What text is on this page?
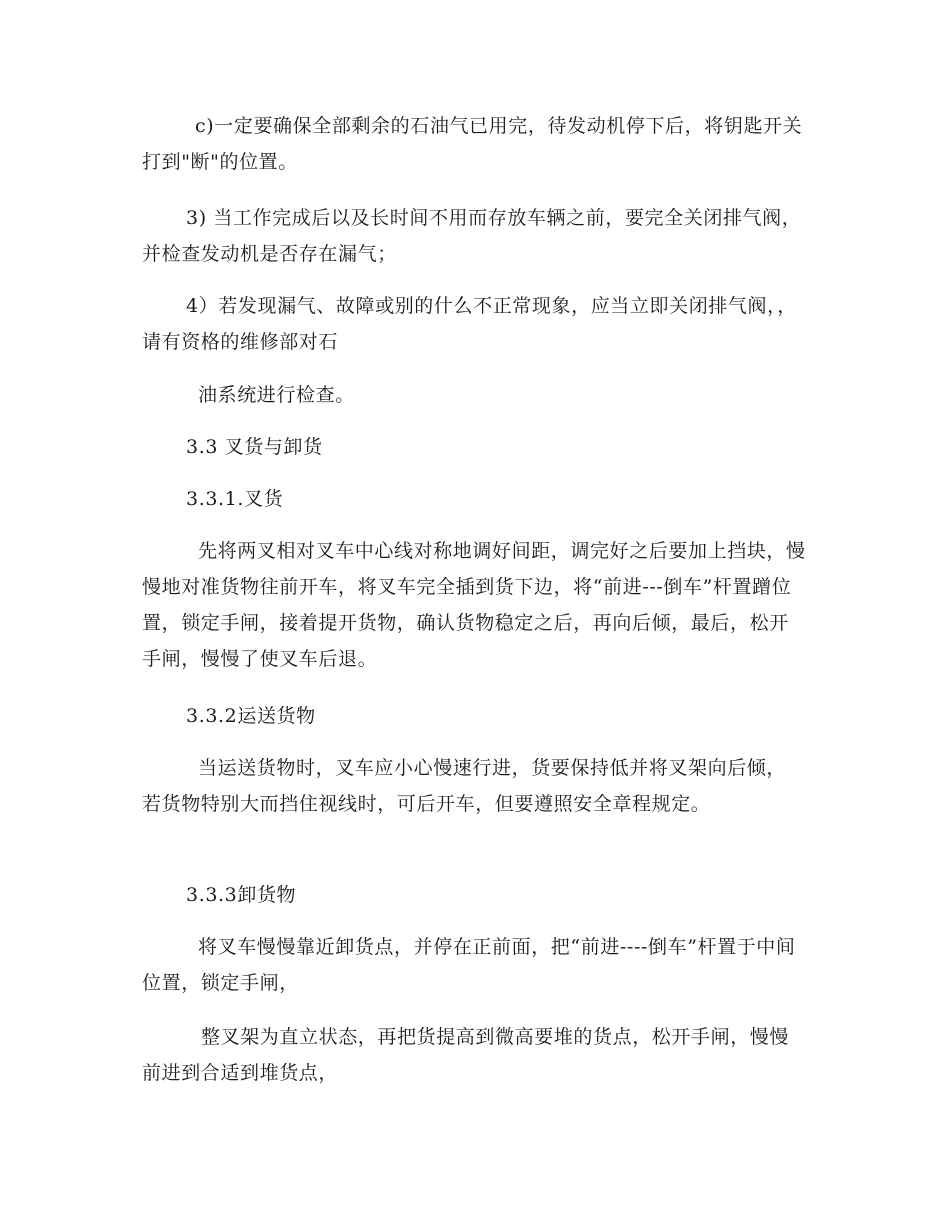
c)一定要确保全部剩余的石油气已用完，待发动机停下后，将钥匙开关打到"断"的位置。

3) 当工作完成后以及长时间不用而存放车辆之前，要完全关闭排气阀，并检查发动机是否存在漏气；

4）若发现漏气、故障或别的什么不正常现象，应当立即关闭排气阀，，请有资格的维修部对石

油系统进行检查。

3.3 叉货与卸货

3.3.1.叉货

先将两叉相对叉车中心线对称地调好间距，调完好之后要加上挡块，慢慢地对准货物往前开车，将叉车完全插到货下边，将“前进---倒车”杆置蹭位置，锁定手闸，接着提开货物，确认货物稳定之后，再向后倾，最后，松开手闸，慢慢了使叉车后退。

3.3.2运送货物

当运送货物时，叉车应小心慢速行进，货要保持低并将叉架向后倾， 若货物特别大而挡住视线时，可后开车，但要遵照安全章程规定。

3.3.3卸货物

将叉车慢慢靠近卸货点，并停在正前面，把“前进----倒车”杆置于中间位置，锁定手闸，

整叉架为直立状态，再把货提高到微高要堆的货点，松开手闸，慢慢前进到合适到堆货点，
